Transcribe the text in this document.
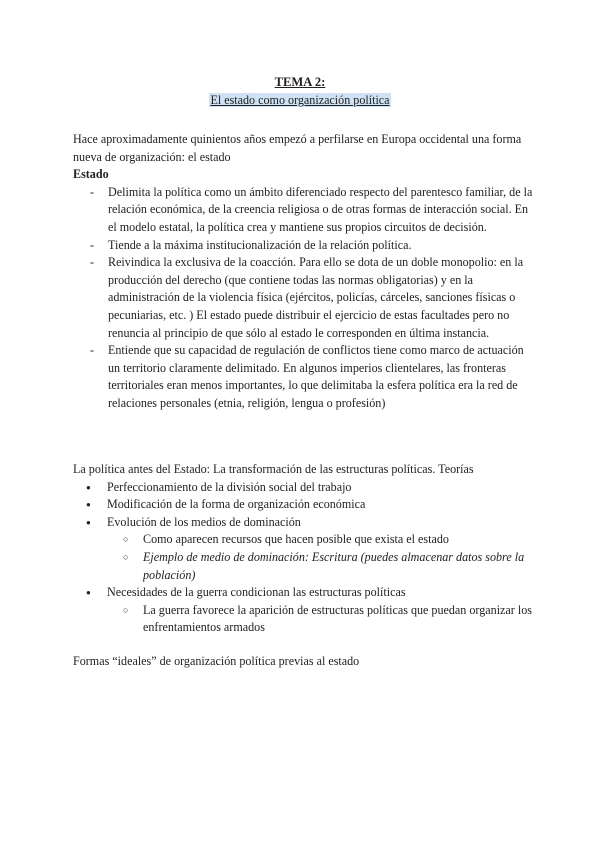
TEMA 2:
El estado como organización política
Hace aproximadamente quinientos años empezó a perfilarse en Europa occidental una forma nueva de organización: el estado
Estado
- Delimita la política como un ámbito diferenciado respecto del parentesco familiar, de la relación económica, de la creencia religiosa o de otras formas de interacción social. En el modelo estatal, la política crea y mantiene sus propios circuitos de decisión.
- Tiende a la máxima institucionalización de la relación política.
- Reivindica la exclusiva de la coacción. Para ello se dota de un doble monopolio: en la producción del derecho (que contiene todas las normas obligatorias) y en la administración de la violencia física (ejércitos, policías, cárceles, sanciones físicas o pecuniarias, etc. ) El estado puede distribuir el ejercicio de estas facultades pero no renuncia al principio de que sólo al estado le corresponden en última instancia.
- Entiende que su capacidad de regulación de conflictos tiene como marco de actuación un territorio claramente delimitado. En algunos imperios clientelares, las fronteras territoriales eran menos importantes, lo que delimitaba la esfera política era la red de relaciones personales (etnia, religión, lengua o profesión)
La política antes del Estado: La transformación de las estructuras políticas. Teorías
● Perfeccionamiento de la división social del trabajo
● Modificación de la forma de organización económica
● Evolución de los medios de dominación
○ Como aparecen recursos que hacen posible que exista el estado
○ Ejemplo de medio de dominación: Escritura (puedes almacenar datos sobre la población)
● Necesidades de la guerra condicionan las estructuras políticas
○ La guerra favorece la aparición de estructuras políticas que puedan organizar los enfrentamientos armados
Formas “ideales” de organización política previas al estado
